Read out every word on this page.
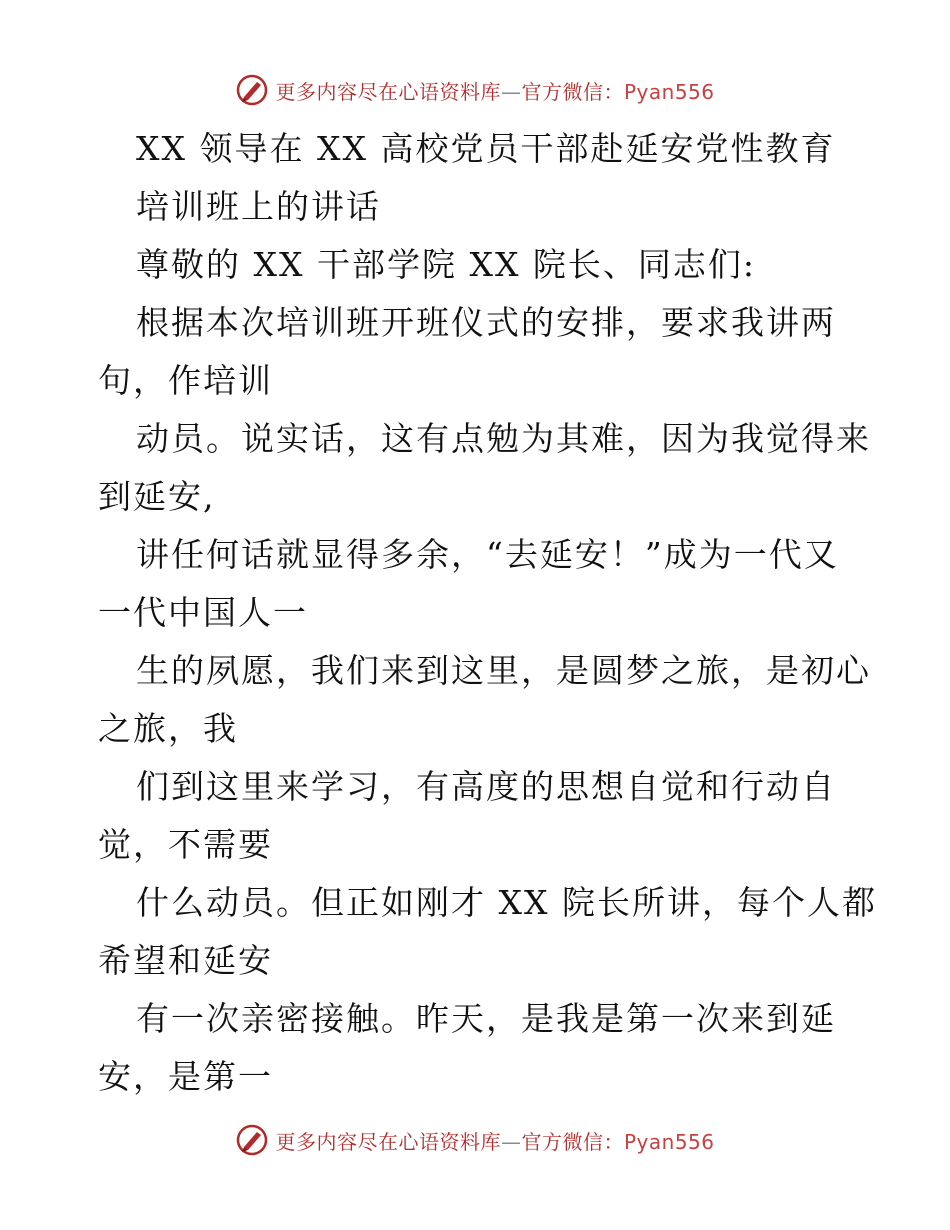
更多内容尽在心语资料库—官方微信：Pyan556

XX 领导在 XX 高校党员干部赴延安党性教育

培训班上的讲话

尊敬的 XX 干部学院 XX 院长、同志们:

根据本次培训班开班仪式的安排，要求我讲两

句，作培训

动员。说实话，这有点勉为其难，因为我觉得来

到延安,

讲任何话就显得多余，“去延安！”成为一代又

一代中国人一

生的夙愿，我们来到这里，是圆梦之旅，是初心

之旅，我

们到这里来学习，有高度的思想自觉和行动自

觉，不需要

什么动员。但正如刚才 XX 院长所讲，每个人都

希望和延安

有一次亲密接触。昨天，是我是第一次来到延

安，是第一

更多内容尽在心语资料库—官方微信：Pyan556
